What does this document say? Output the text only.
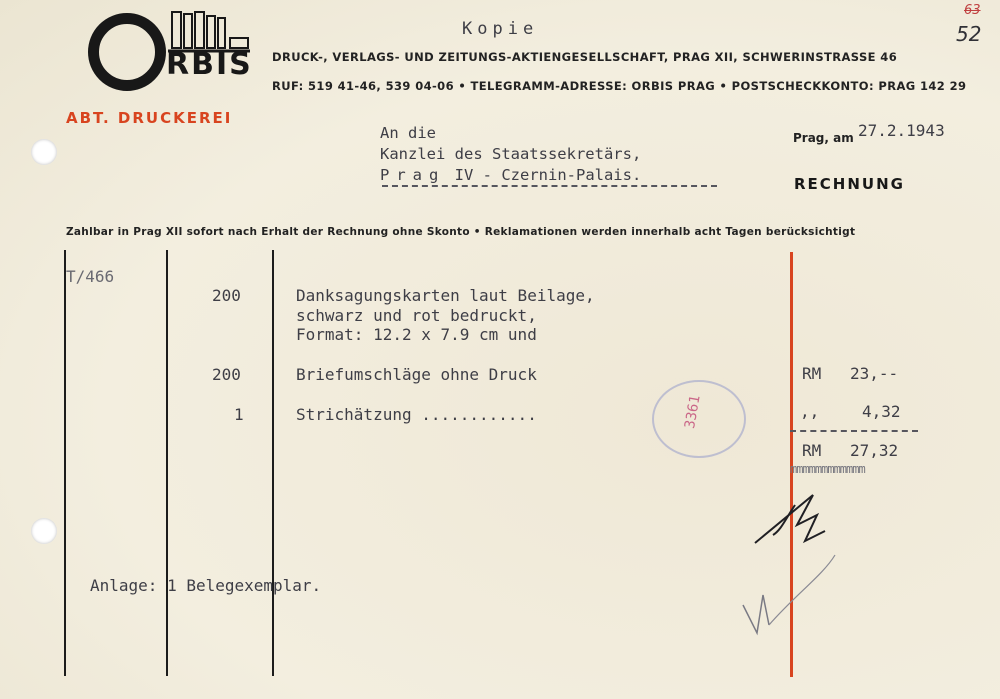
RBIS DRUCK-, VERLAGS- UND ZEITUNGS-AKTIENGESELLSCHAFT, PRAG XII, SCHWERINSTRASSE 46
RUF: 519 41-46, 539 04-06 • TELEGRAMM-ADRESSE: ORBIS PRAG • POSTSCHECKKONTO: PRAG 142 29
ABT. DRUCKEREI
Kopie
63
52
An die
Kanzlei des Staatssekretärs,
Prag IV - Czernin-Palais.
Prag, am 27.2.1943
RECHNUNG
Zahlbar in Prag XII sofort nach Erhalt der Rechnung ohne Skonto • Reklamationen werden innerhalb acht Tagen berücksichtigt
T/466
200	Danksagungskarten laut Beilage,
schwarz und rot bedruckt,
Format: 12.2 x 7.9 cm und
200	Briefumschläge ohne Druck	RM 23,--
1	Strichätzung ............	,,	4,32
RM 27,32
mmmmmmmmmmmm
3361
Anlage: 1 Belegexemplar.
